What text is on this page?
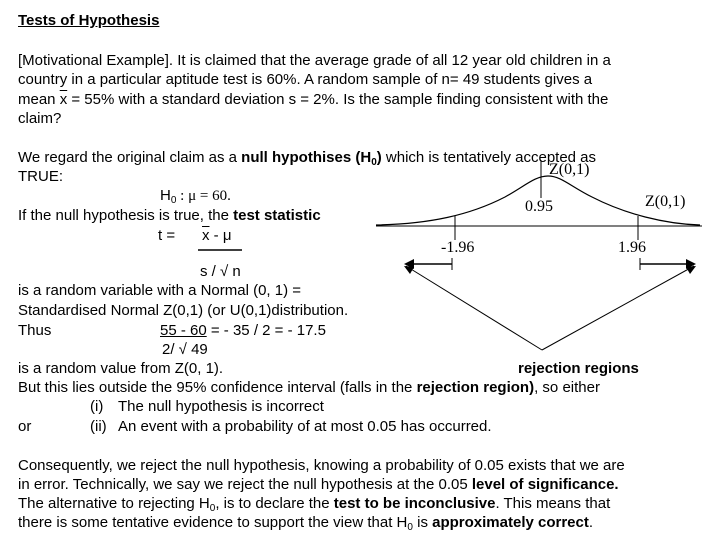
Tests of Hypothesis
[Motivational Example]. It is claimed that the average grade of all 12 year old children in a
country in a particular aptitude test is 60%. A random sample of n= 49 students gives a
mean $\overline{x} = 55\%$ with a standard deviation s = 2%. Is the sample finding consistent with the
claim?
We regard the original claim as a null hypothises $(H_0)$ which is tentatively accepted as
TRUE:
$H_0$ : μ = 60.
If the null hypothesis is true, the test statistic
$t = \overline{x} - \mu$
s / √ n
is a random variable with a Normal (0, 1) =
Standardised Normal Z(0,1) (or U(0,1)distribution.
Thus	55 - 60 = - 35 / 2 = - 17.5
2/ √ 49
is a random value from Z(0, 1).	rejection regions
But this lies outside the 95% confidence interval (falls in the rejection region), so either
(i) The null hypothesis is incorrect
or	(ii) An event with a probability of at most 0.05 has occurred.
Consequently, we reject the null hypothesis, knowing a probability of 0.05 exists that we are
in error. Technically, we say we reject the null hypothesis at the 0.05 level of significance.
The alternative to rejecting $H_0$, is to declare the test to be inconclusive. This means that
there is some tentative evidence to support the view that $H_0$ is approximately correct.
Z(0,1)
Z(0,1)
0.95
-1.96	1.96
